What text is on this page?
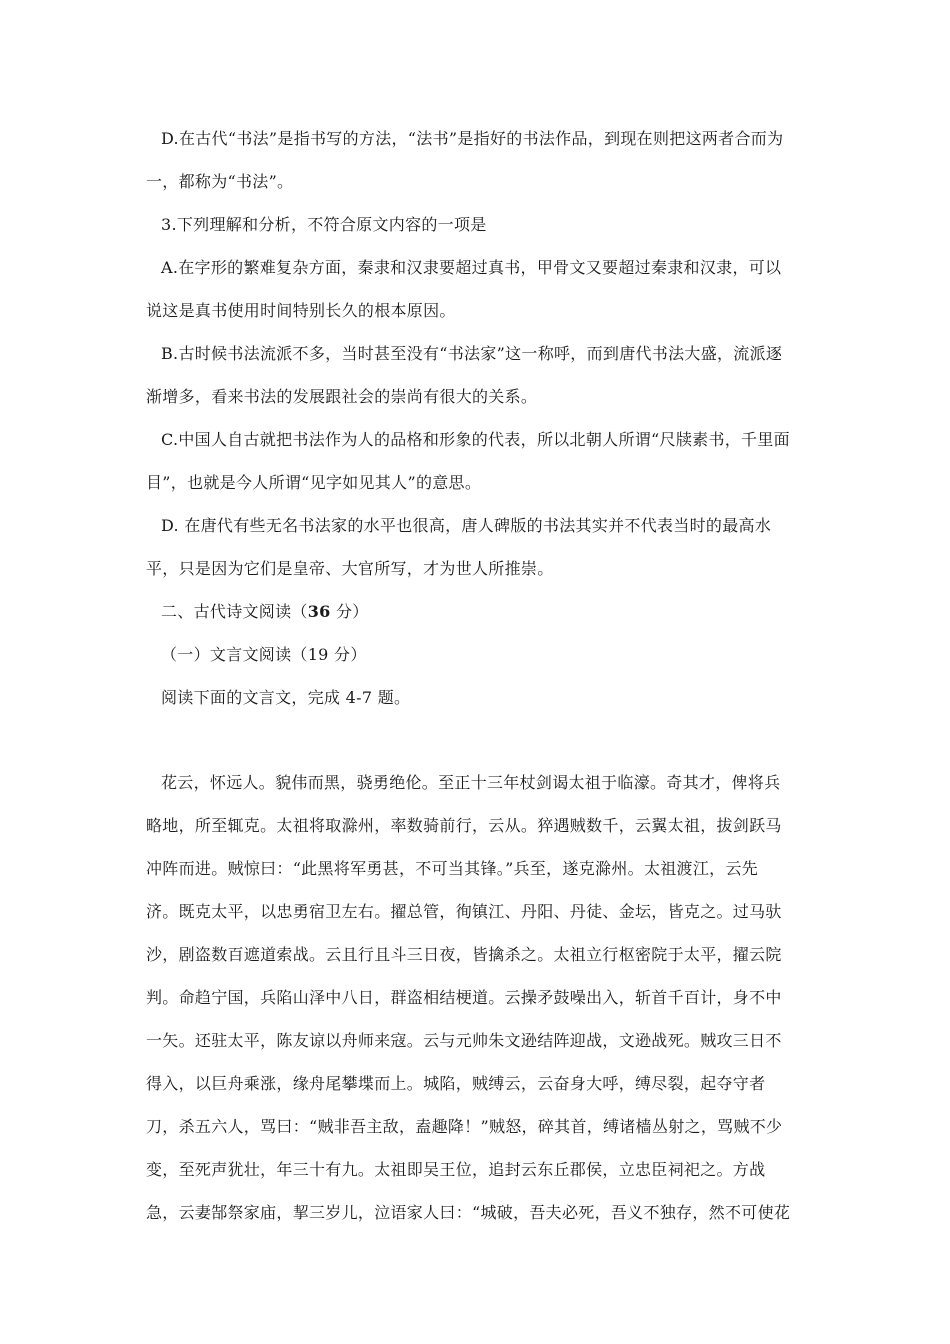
D.在古代“书法”是指书写的方法，“法书”是指好的书法作品，到现在则把这两者合而为
一，都称为“书法”。
3.下列理解和分析，不符合原文内容的一项是
A.在字形的繁难复杂方面，秦隶和汉隶要超过真书，甲骨文又要超过秦隶和汉隶，可以
说这是真书使用时间特别长久的根本原因。
B.古时候书法流派不多，当时甚至没有“书法家”这一称呼，而到唐代书法大盛，流派逐
渐增多，看来书法的发展跟社会的崇尚有很大的关系。
C.中国人自古就把书法作为人的品格和形象的代表，所以北朝人所谓“尺牍素书，千里面
目”，也就是今人所谓“见字如见其人”的意思。
D. 在唐代有些无名书法家的水平也很高，唐人碑版的书法其实并不代表当时的最高水
平，只是因为它们是皇帝、大官所写，才为世人所推崇。
二、古代诗文阅读（36 分）
（一）文言文阅读（19 分）
阅读下面的文言文，完成 4-7 题。
花云，怀远人。貌伟而黑，骁勇绝伦。至正十三年杖剑谒太祖于临濠。奇其才，俾将兵
略地，所至辄克。太祖将取滁州，率数骑前行，云从。猝遇贼数千，云翼太祖，拔剑跃马
冲阵而进。贼惊曰：“此黑将军勇甚，不可当其锋。”兵至，遂克滁州。太祖渡江，云先
济。既克太平，以忠勇宿卫左右。擢总管，徇镇江、丹阳、丹徒、金坛，皆克之。过马驮
沙，剧盗数百遮道索战。云且行且斗三日夜，皆擒杀之。太祖立行枢密院于太平，擢云院
判。命趋宁国，兵陷山泽中八日，群盗相结梗道。云操矛鼓噪出入，斩首千百计，身不中
一矢。还驻太平，陈友谅以舟师来寇。云与元帅朱文逊结阵迎战，文逊战死。贼攻三日不
得入，以巨舟乘涨，缘舟尾攀堞而上。城陷，贼缚云，云奋身大呼，缚尽裂，起夺守者
刀，杀五六人，骂曰：“贼非吾主敌，盍趣降！”贼怒，碎其首，缚诸樯丛射之，骂贼不少
变，至死声犹壮，年三十有九。太祖即吴王位，追封云东丘郡侯，立忠臣祠祀之。方战
急，云妻郜祭家庙，挈三岁儿，泣语家人曰：“城破，吾夫必死，吾义不独存，然不可使花
